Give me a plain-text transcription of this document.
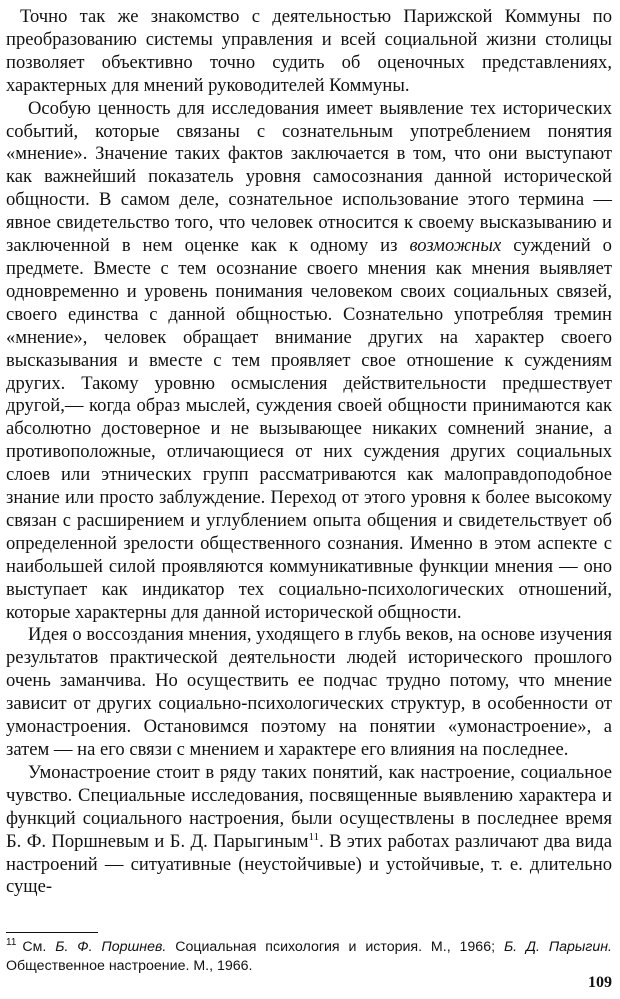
Точно так же знакомство с деятельностью Парижской Коммуны по преобразованию системы управления и всей социальной жизни столицы позволяет объективно точно судить об оценочных представлениях, характерных для мнений руководителей Коммуны.

Особую ценность для исследования имеет выявление тех исторических событий, которые связаны с сознательным употреблением понятия «мнение». Значение таких фактов заключается в том, что они выступают как важнейший показатель уровня самосознания данной исторической общности. В самом деле, сознательное использование этого термина — явное свидетельство того, что человек относится к своему высказыванию и заключенной в нем оценке как к одному из возможных суждений о предмете. Вместе с тем осознание своего мнения как мнения выявляет одновременно и уровень понимания человеком своих социальных связей, своего единства с данной общностью. Сознательно употребляя тремин «мнение», человек обращает внимание других на характер своего высказывания и вместе с тем проявляет свое отношение к суждениям других. Такому уровню осмысления действительности предшествует другой,— когда образ мыслей, суждения своей общности принимаются как абсолютно достоверное и не вызывающее никаких сомнений знание, а противоположные, отличающиеся от них суждения других социальных слоев или этнических групп рассматриваются как малоправдоподобное знание или просто заблуждение. Переход от этого уровня к более высокому связан с расширением и углублением опыта общения и свидетельствует об определенной зрелости общественного сознания. Именно в этом аспекте с наибольшей силой проявляются коммуникативные функции мнения — оно выступает как индикатор тех социально-психологических отношений, которые характерны для данной исторической общности.

Идея о воссоздания мнения, уходящего в глубь веков, на основе изучения результатов практической деятельности людей исторического прошлого очень заманчива. Но осуществить ее подчас трудно потому, что мнение зависит от других социально-психологических структур, в особенности от умонастроения. Остановимся поэтому на понятии «умонастроение», а затем — на его связи с мнением и характере его влияния на последнее.

Умонастроение стоит в ряду таких понятий, как настроение, социальное чувство. Специальные исследования, посвященные выявлению характера и функций социального настроения, были осуществлены в последнее время Б. Ф. Поршневым и Б. Д. Парыгиным$^{11}$. В этих работах различают два вида настроений — ситуативные (неустойчивые) и устойчивые, т. е. длительно суще-

$^{11}$ См. Б. Ф. Поршнев. Социальная психология и история. М., 1966; Б. Д. Парыгин. Общественное настроение. М., 1966.
109
